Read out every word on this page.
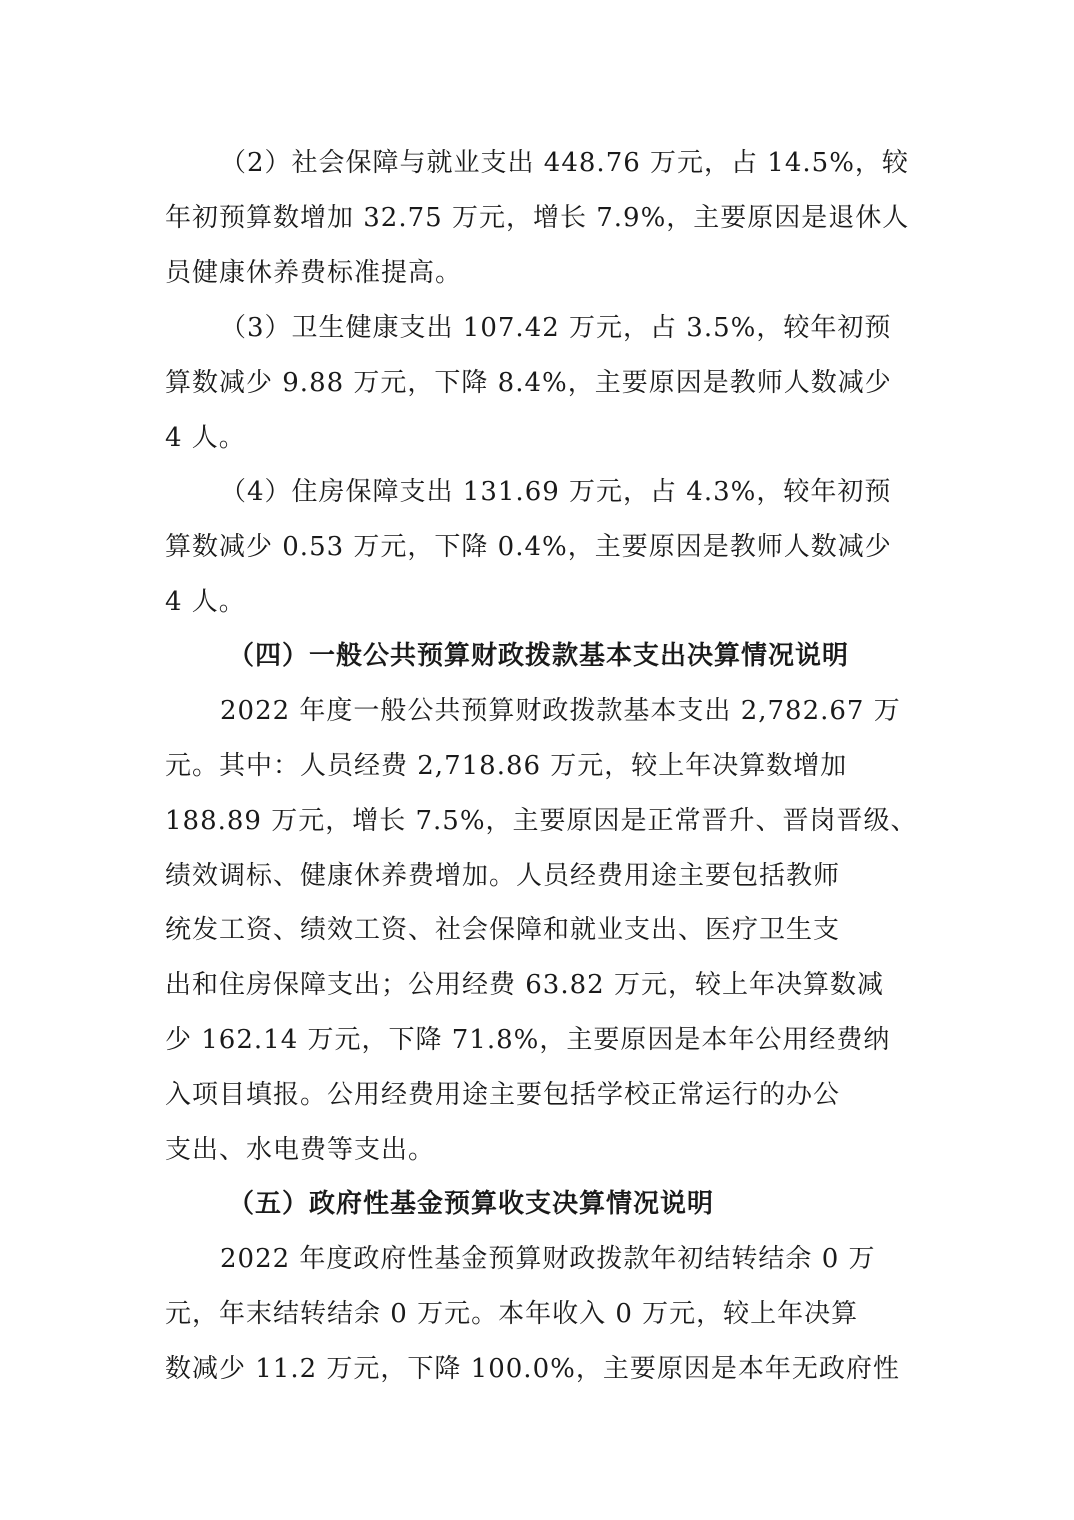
（2）社会保障与就业支出 448.76 万元，占 14.5%，较
年初预算数增加 32.75 万元，增长 7.9%，主要原因是退休人
员健康休养费标准提高。
（3）卫生健康支出 107.42 万元，占 3.5%，较年初预
算数减少 9.88 万元，下降 8.4%，主要原因是教师人数减少
4 人。
（4）住房保障支出 131.69 万元，占 4.3%，较年初预
算数减少 0.53 万元，下降 0.4%，主要原因是教师人数减少
4 人。
（四）一般公共预算财政拨款基本支出决算情况说明
2022 年度一般公共预算财政拨款基本支出 2,782.67 万
元。其中：人员经费 2,718.86 万元，较上年决算数增加
188.89 万元，增长 7.5%，主要原因是正常晋升、晋岗晋级、
绩效调标、健康休养费增加。人员经费用途主要包括教师
统发工资、绩效工资、社会保障和就业支出、医疗卫生支
出和住房保障支出；公用经费 63.82 万元，较上年决算数减
少 162.14 万元，下降 71.8%，主要原因是本年公用经费纳
入项目填报。公用经费用途主要包括学校正常运行的办公
支出、水电费等支出。
（五）政府性基金预算收支决算情况说明
2022 年度政府性基金预算财政拨款年初结转结余 0 万
元，年末结转结余 0 万元。本年收入 0 万元，较上年决算
数减少 11.2 万元，下降 100.0%，主要原因是本年无政府性
